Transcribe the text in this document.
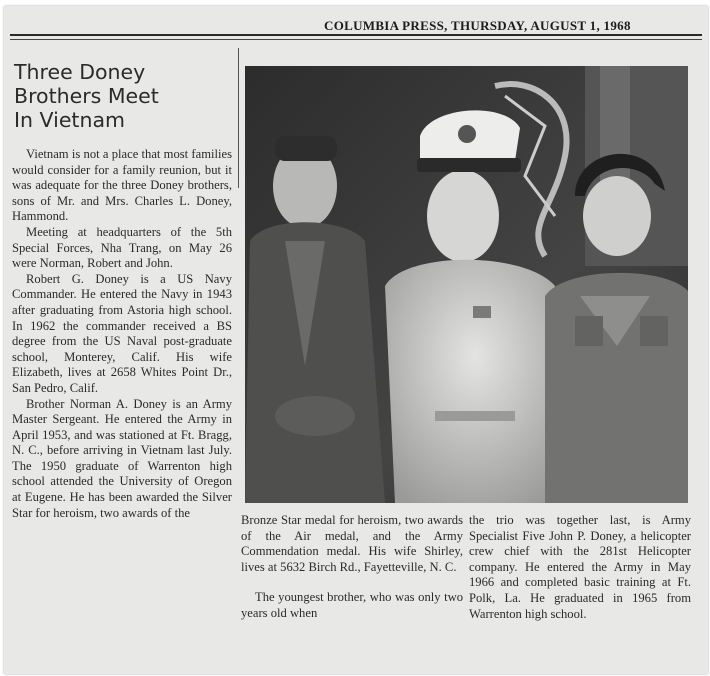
COLUMBIA PRESS, THURSDAY, AUGUST 1, 1968
Three Doney
Brothers Meet
In Vietnam

Vietnam is not a place that most families would consider for a family reunion, but it was adequate for the three Doney brothers, sons of Mr. and Mrs. Charles L. Doney, Hammond.

Meeting at headquarters of the 5th Special Forces, Nha Trang, on May 26 were Norman, Robert and John.

Robert G. Doney is a US Navy Commander. He entered the Navy in 1943 after graduating from Astoria high school. In 1962 the commander received a BS degree from the US Naval post-graduate school, Monterey, Calif. His wife Elizabeth, lives at 2658 Whites Point Dr., San Pedro, Calif.

Brother Norman A. Doney is an Army Master Sergeant. He entered the Army in April 1953, and was stationed at Ft. Bragg, N. C., before arriving in Vietnam last July. The 1950 graduate of Warrenton high school attended the University of Oregon at Eugene. He has been awarded the Silver Star for heroism, two awards of the

Bronze Star medal for heroism, two awards of the Air medal, and the Army Commendation medal. His wife Shirley, lives at 5632 Birch Rd., Fayetteville, N. C.

The youngest brother, who was only two years old when

the trio was together last, is Army Specialist Five John P. Doney, a helicopter crew chief with the 281st Helicopter company. He entered the Army in May 1966 and completed basic training at Ft. Polk, La. He graduated in 1965 from Warrenton high school.
